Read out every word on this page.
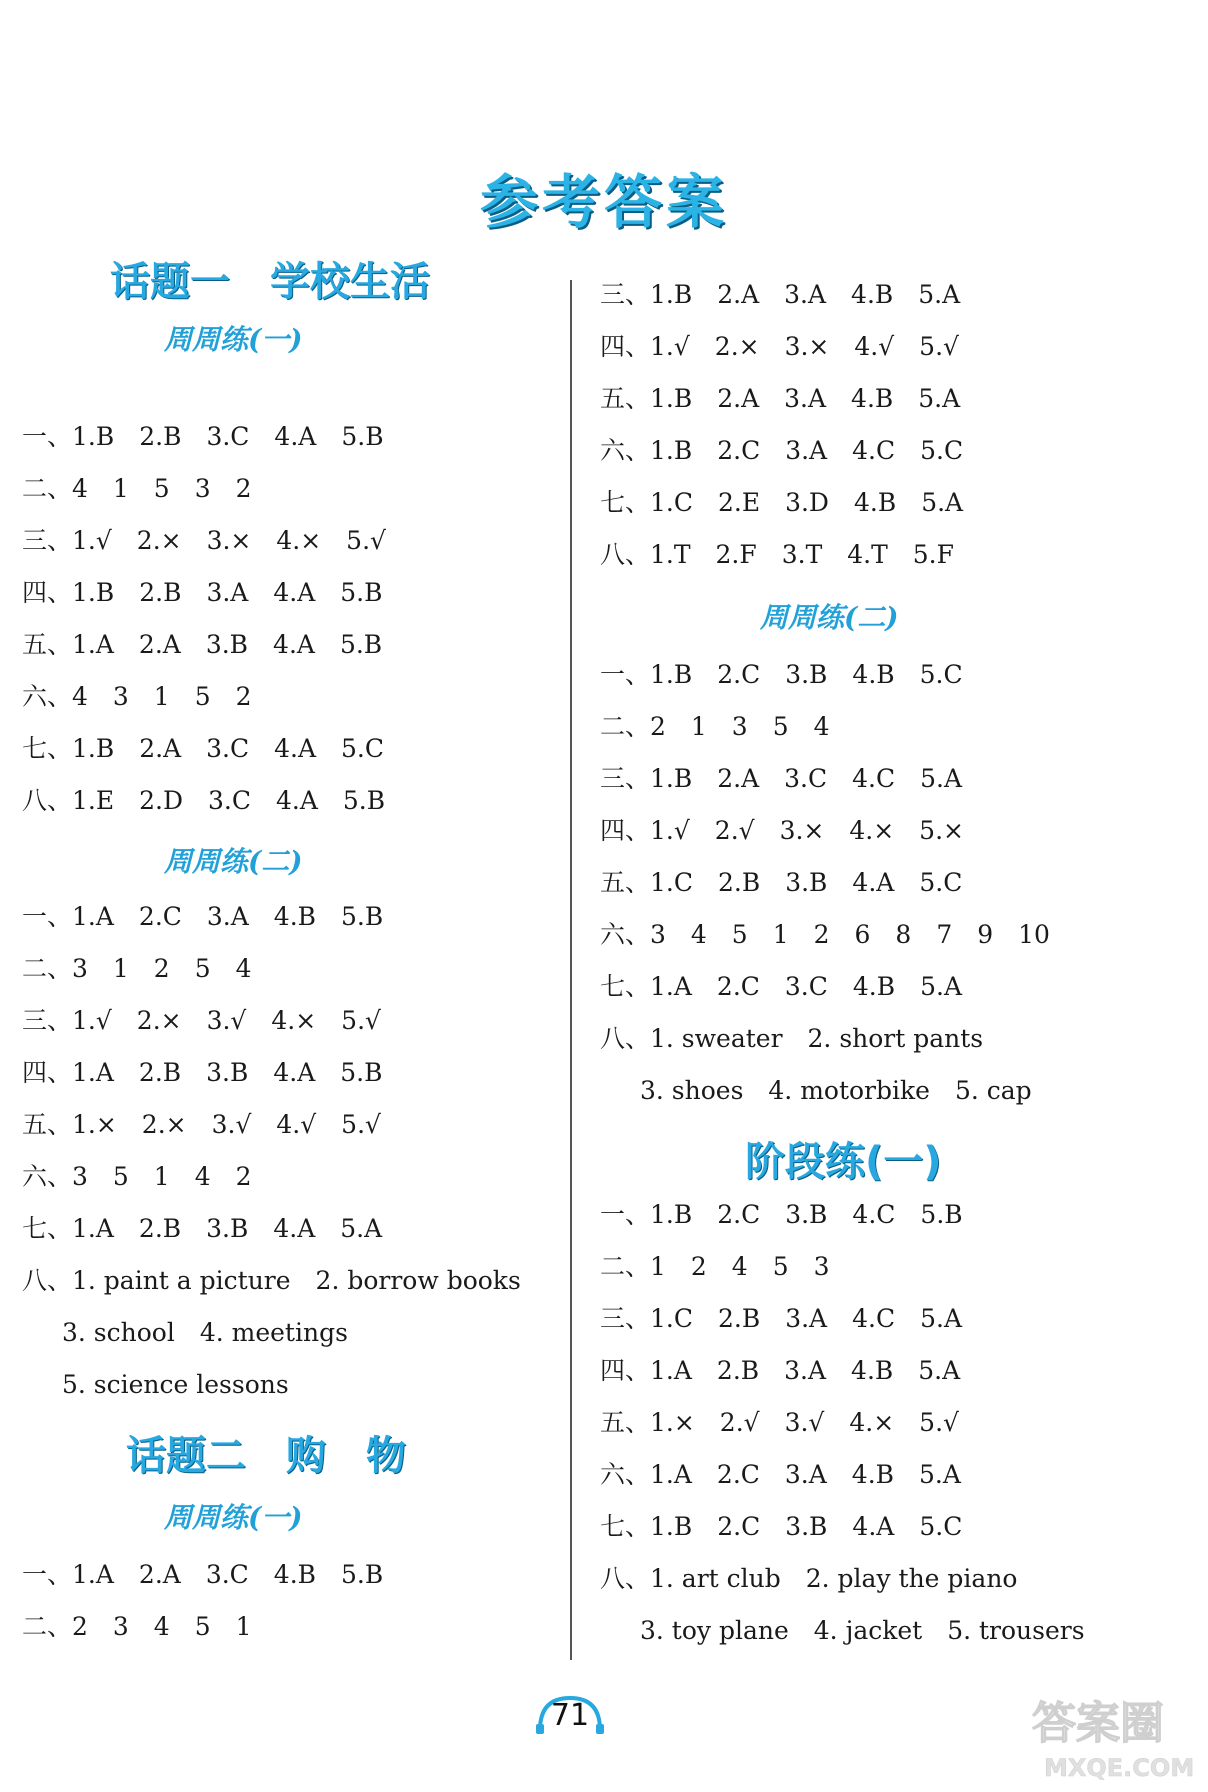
参考答案
话题一　学校生活
周周练(一)
一、1.B　2.B　3.C　4.A　5.B
二、4　1　5　3　2
三、1.√　2.×　3.×　4.×　5.√
四、1.B　2.B　3.A　4.A　5.B
五、1.A　2.A　3.B　4.A　5.B
六、4　3　1　5　2
七、1.B　2.A　3.C　4.A　5.C
八、1.E　2.D　3.C　4.A　5.B
周周练(二)
一、1.A　2.C　3.A　4.B　5.B
二、3　1　2　5　4
三、1.√　2.×　3.√　4.×　5.√
四、1.A　2.B　3.B　4.A　5.B
五、1.×　2.×　3.√　4.√　5.√
六、3　5　1　4　2
七、1.A　2.B　3.B　4.A　5.A
八、1. paint a picture　2. borrow books
3. school　4. meetings
5. science lessons
话题二　购　物
周周练(一)
一、1.A　2.A　3.C　4.B　5.B
二、2　3　4　5　1
三、1.B　2.A　3.A　4.B　5.A
四、1.√　2.×　3.×　4.√　5.√
五、1.B　2.A　3.A　4.B　5.A
六、1.B　2.C　3.A　4.C　5.C
七、1.C　2.E　3.D　4.B　5.A
八、1.T　2.F　3.T　4.T　5.F
周周练(二)
一、1.B　2.C　3.B　4.B　5.C
二、2　1　3　5　4
三、1.B　2.A　3.C　4.C　5.A
四、1.√　2.√　3.×　4.×　5.×
五、1.C　2.B　3.B　4.A　5.C
六、3　4　5　1　2　6　8　7　9　10
七、1.A　2.C　3.C　4.B　5.A
八、1. sweater　2. short pants
3. shoes　4. motorbike　5. cap
阶段练(一)
一、1.B　2.C　3.B　4.C　5.B
二、1　2　4　5　3
三、1.C　2.B　3.A　4.C　5.A
四、1.A　2.B　3.A　4.B　5.A
五、1.×　2.√　3.√　4.×　5.√
六、1.A　2.C　3.A　4.B　5.A
七、1.B　2.C　3.B　4.A　5.C
八、1. art club　2. play the piano
3. toy plane　4. jacket　5. trousers
71	答案圈
MXQE.COM
